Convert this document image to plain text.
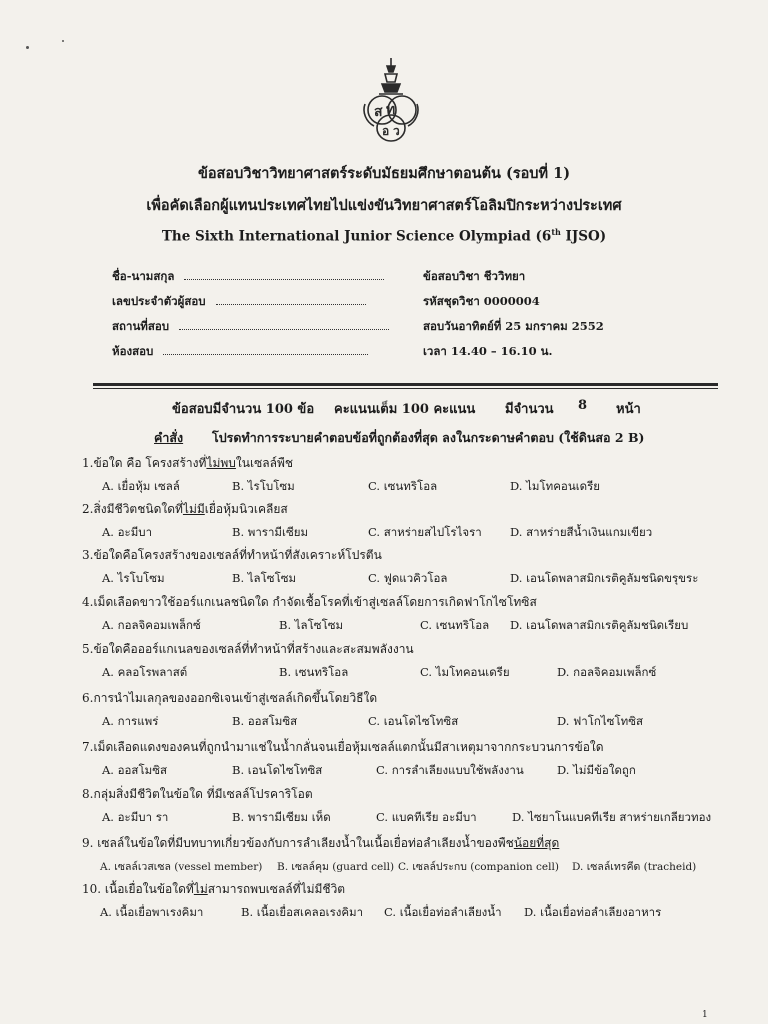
ส ท
อ ว
ข้อสอบวิชาวิทยาศาสตร์ระดับมัธยมศึกษาตอนต้น (รอบที่ 1)
เพื่อคัดเลือกผู้แทนประเทศไทยไปแข่งขันวิทยาศาสตร์โอลิมปิกระหว่างประเทศ
The Sixth International Junior Science Olympiad (6th IJSO)
ชื่อ-นามสกุล
เลขประจำตัวผู้สอบ
สถานที่สอบ
ห้องสอบ
ข้อสอบวิชา ชีววิทยา
รหัสชุดวิชา 0000004
สอบวันอาทิตย์ที่ 25 มกราคม 2552
เวลา 14.40 – 16.10 น.
ข้อสอบมีจำนวน 100 ข้อ คะแนนเต็ม 100 คะแนน มีจำนวน 8 หน้า
คำสั่ง โปรดทำการระบายคำตอบข้อที่ถูกต้องที่สุด ลงในกระดาษคำตอบ (ใช้ดินสอ 2 B)
1.ข้อใด คือ โครงสร้างที่ไม่พบในเซลล์พืช
A. เยื่อหุ้ม เซลล์	B. ไรโบโซม	C. เซนทริโอล	D. ไมโทคอนเดรีย
2.สิ่งมีชีวิตชนิดใดที่ไม่มีเยื่อหุ้มนิวเคลียส
A. อะมีบา	B. พารามีเซียม	C. สาหร่ายสไปโรไจรา D. สาหร่ายสีน้ำเงินแกมเขียว
3.ข้อใดคือโครงสร้างของเซลล์ที่ทำหน้าที่สังเคราะห์โปรตีน
A. ไรโบโซม	B. ไลโซโซม	C. ฟูดแวคิวโอล	D. เอนโดพลาสมิกเรติคูลัมชนิดขรุขระ
4.เม็ดเลือดขาวใช้ออร์แกเนลชนิดใด กำจัดเชื้อโรคที่เข้าสู่เซลล์โดยการเกิดฟาโกไซโทซิส
A. กอลจิคอมเพล็กซ์	B. ไลโซโซม	C. เซนทริโอล D. เอนโดพลาสมิกเรติคูลัมชนิดเรียบ
5.ข้อใดคือออร์แกเนลของเซลล์ที่ทำหน้าที่สร้างและสะสมพลังงาน
A. คลอโรพลาสต์	B. เซนทริโอล	C. ไมโทคอนเดรีย	D. กอลจิคอมเพล็กซ์
6.การนำไมเลกุลของออกซิเจนเข้าสู่เซลล์เกิดขึ้นโดยวิธีใด
A. การแพร่	B. ออสโมซิส	C. เอนโดไซโทซิส	D. ฟาโกไซโทซิส
7.เม็ดเลือดแดงของคนที่ถูกนำมาแช่ในน้ำกลั่นจนเยื่อหุ้มเซลล์แตกนั้นมีสาเหตุมาจากกระบวนการข้อใด
A. ออสโมซิส	B. เอนโดไซโทซิส	C. การลำเลียงแบบใช้พลังงาน	D. ไม่มีข้อใดถูก
8.กลุ่มสิ่งมีชีวิตในข้อใด ที่มีเซลล์โปรคาริโอต
A. อะมีบา รา	B. พารามีเซียม เห็ด	C. แบคทีเรีย อะมีบา	D. ไซยาโนแบคทีเรีย สาหร่ายเกลียวทอง
9. เซลล์ในข้อใดที่มีบทบาทเกี่ยวข้องกับการลำเลียงน้ำในเนื้อเยื่อท่อลำเลียงน้ำของพืชน้อยที่สุด
A. เซลล์เวสเซล (vessel member) B. เซลล์คุม (guard cell) C. เซลล์ประกบ (companion cell) D. เซลล์เทรคีด (tracheid)
10. เนื้อเยื่อในข้อใดที่ไม่สามารถพบเซลล์ที่ไม่มีชีวิต
A. เนื้อเยื่อพาเรงคิมา	B. เนื้อเยื่อสเคลอเรงคิมา C. เนื้อเยื่อท่อลำเลียงน้ำ D. เนื้อเยื่อท่อลำเลียงอาหาร
1
